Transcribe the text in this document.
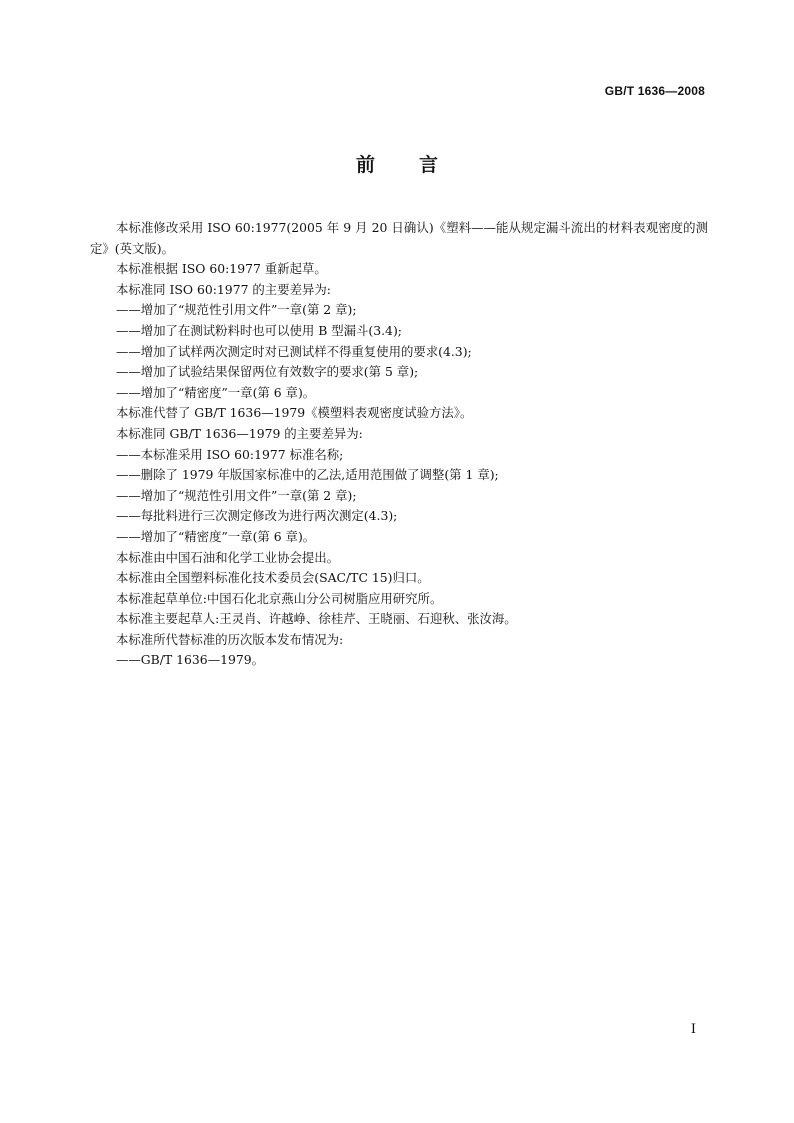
GB/T 1636—2008
前言

本标准修改采用 ISO 60:1977(2005 年 9 月 20 日确认)《塑料——能从规定漏斗流出的材料表观密度的测定》(英文版)。

本标准根据 ISO 60:1977 重新起草。

本标准同 ISO 60:1977 的主要差异为:

——增加了“规范性引用文件”一章(第 2 章);

——增加了在测试粉料时也可以使用 B 型漏斗(3.4);

——增加了试样两次测定时对已测试样不得重复使用的要求(4.3);

——增加了试验结果保留两位有效数字的要求(第 5 章);

——增加了“精密度”一章(第 6 章)。

本标准代替了 GB/T 1636—1979《模塑料表观密度试验方法》。

本标准同 GB/T 1636—1979 的主要差异为:

——本标准采用 ISO 60:1977 标准名称;

——删除了 1979 年版国家标准中的乙法,适用范围做了调整(第 1 章);

——增加了“规范性引用文件”一章(第 2 章);

——每批料进行三次测定修改为进行两次测定(4.3);

——增加了“精密度”一章(第 6 章)。

本标准由中国石油和化学工业协会提出。

本标准由全国塑料标准化技术委员会(SAC/TC 15)归口。

本标准起草单位:中国石化北京燕山分公司树脂应用研究所。

本标准主要起草人:王灵肖、许越峥、徐桂芹、王晓丽、石迎秋、张汝海。

本标准所代替标准的历次版本发布情况为:

——GB/T 1636—1979。

I
